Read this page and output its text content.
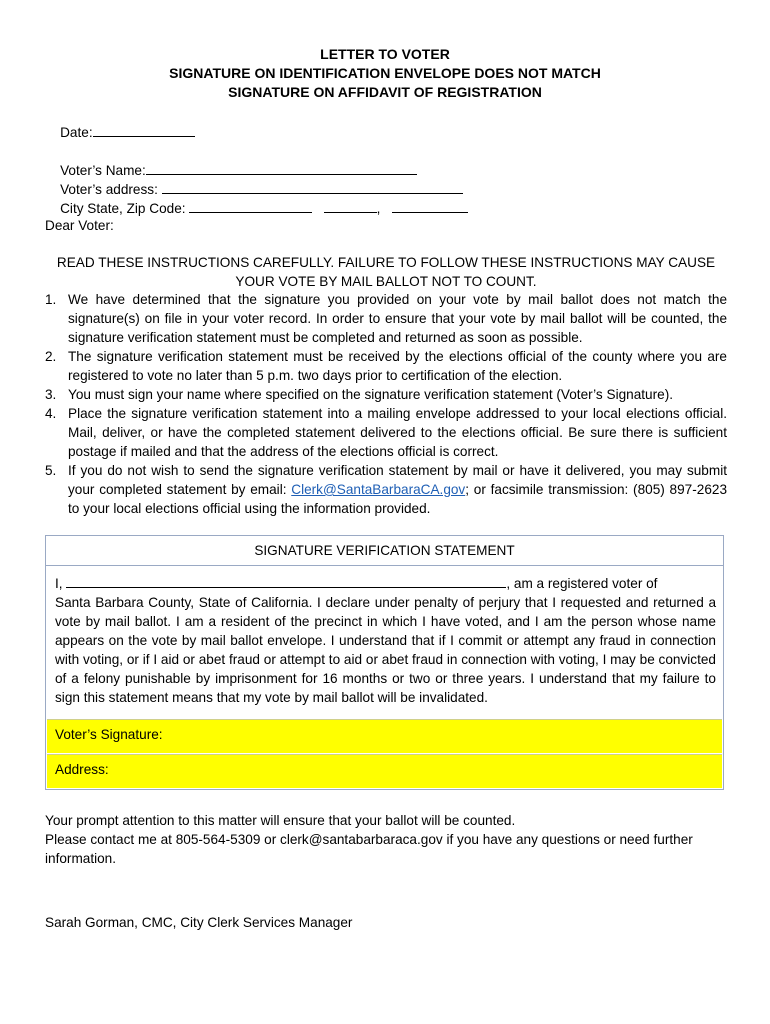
LETTER TO VOTER
SIGNATURE ON IDENTIFICATION ENVELOPE DOES NOT MATCH
SIGNATURE ON AFFIDAVIT OF REGISTRATION

Date:

Voter’s Name:

Voter’s address:

City State, Zip Code:	,

Dear Voter:
READ THESE INSTRUCTIONS CAREFULLY. FAILURE TO FOLLOW THESE INSTRUCTIONS MAY CAUSE
YOUR VOTE BY MAIL BALLOT NOT TO COUNT.
1. We have determined that the signature you provided on your vote by mail ballot does not match the signature(s) on file in your voter record. In order to ensure that your vote by mail ballot will be counted, the signature verification statement must be completed and returned as soon as possible.
2. The signature verification statement must be received by the elections official of the county where you are registered to vote no later than 5 p.m. two days prior to certification of the election.
3. You must sign your name where specified on the signature verification statement (Voter’s Signature).
4. Place the signature verification statement into a mailing envelope addressed to your local elections official. Mail, deliver, or have the completed statement delivered to the elections official. Be sure there is sufficient postage if mailed and that the address of the elections official is correct.
5. If you do not wish to send the signature verification statement by mail or have it delivered, you may submit your completed statement by email: Clerk@SantaBarbaraCA.gov; or facsimile transmission: (805) 897-2623 to your local elections official using the information provided.
SIGNATURE VERIFICATION STATEMENT
I,	, am a registered voter of
Santa Barbara County, State of California. I declare under penalty of perjury that I requested and returned a vote by mail ballot. I am a resident of the precinct in which I have voted, and I am the person whose name appears on the vote by mail ballot envelope. I understand that if I commit or attempt any fraud in connection with voting, or if I aid or abet fraud or attempt to aid or abet fraud in connection with voting, I may be convicted of a felony punishable by imprisonment for 16 months or two or three years. I understand that my failure to sign this statement means that my vote by mail ballot will be invalidated.
Voter’s Signature:
Address:
Your prompt attention to this matter will ensure that your ballot will be counted.
Please contact me at 805-564-5309 or clerk@santabarbaraca.gov if you have any questions or need further information.
Sarah Gorman, CMC, City Clerk Services Manager
